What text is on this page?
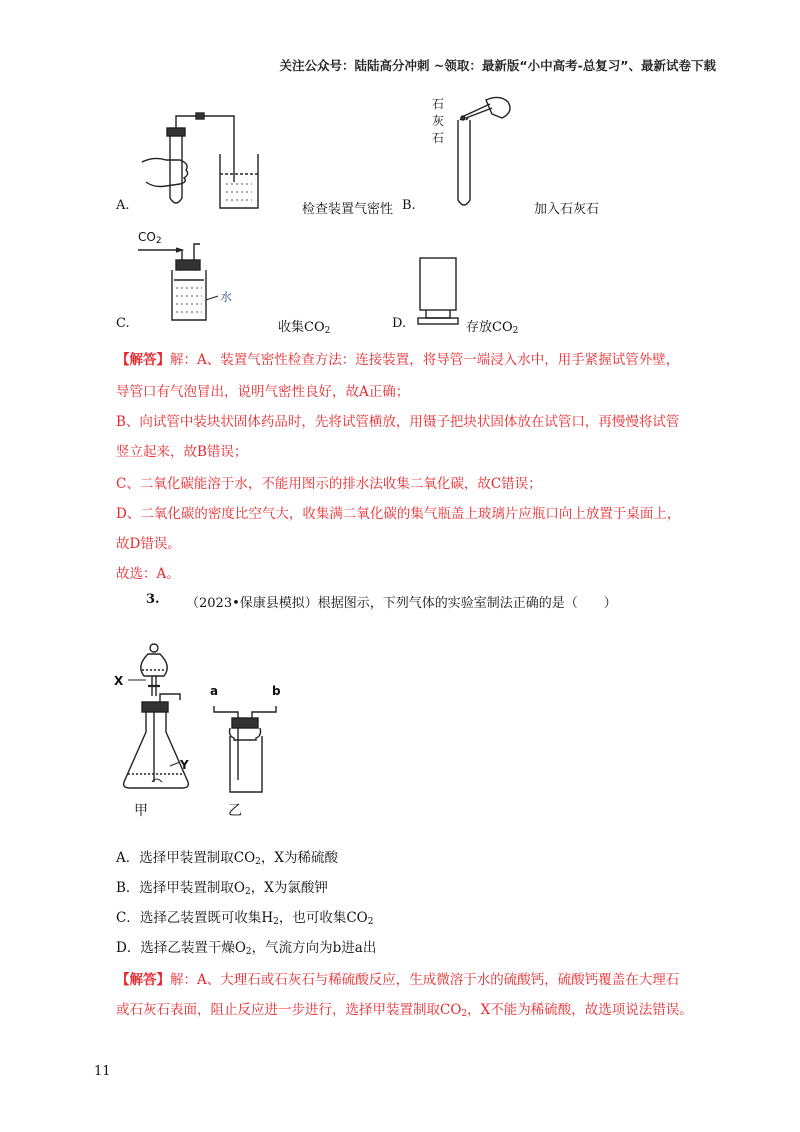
关注公众号：陆陆高分冲刺 ~领取：最新版“小中高考-总复习”、最新试卷下载
A.	检查装置气密性 B.
石
灰
石
加入石灰石
$CO_2$
水
C.	收集$CO_2$	D.	存放$CO_2$
【解答】解：A、装置气密性检查方法：连接装置，将导管一端浸入水中，用手紧握试管外壁，
导管口有气泡冒出，说明气密性良好，故A正确；
B、向试管中装块状固体药品时，先将试管横放，用镊子把块状固体放在试管口，再慢慢将试管
竖立起来，故B错误；
C、二氧化碳能溶于水，不能用图示的排水法收集二氧化碳，故C错误；
D、二氧化碳的密度比空气大，收集满二氧化碳的集气瓶盖上玻璃片应瓶口向上放置于桌面上，
故D错误。
故选：A。
3. （2023•保康县模拟）根据图示，下列气体的实验室制法正确的是（　　）
X
Y
甲
a	b
乙
A．选择甲装置制取$CO_2$，X为稀硫酸
B．选择甲装置制取$O_2$，X为氯酸钾
C．选择乙装置既可收集$H_2$，也可收集$CO_2$
D．选择乙装置干燥$O_2$，气流方向为b进a出
【解答】解：A、大理石或石灰石与稀硫酸反应，生成微溶于水的硫酸钙，硫酸钙覆盖在大理石
或石灰石表面，阻止反应进一步进行，选择甲装置制取$CO_2$，X不能为稀硫酸，故选项说法错误。
11
